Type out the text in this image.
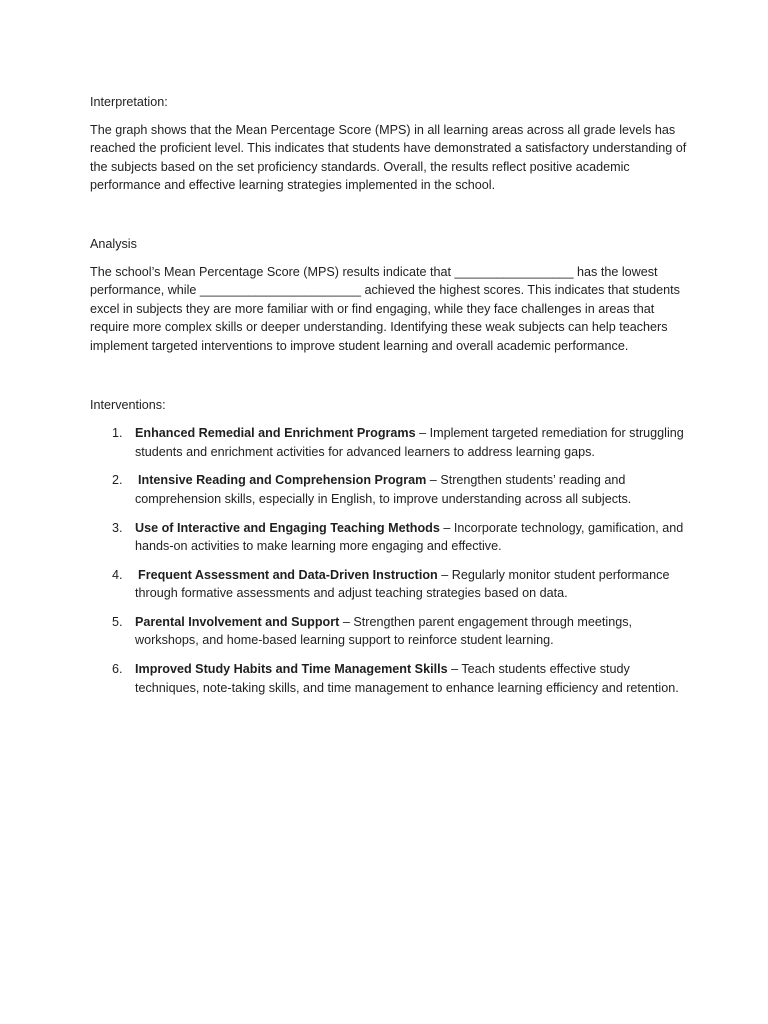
Interpretation:

The graph shows that the Mean Percentage Score (MPS) in all learning areas across all grade levels has reached the proficient level. This indicates that students have demonstrated a satisfactory understanding of the subjects based on the set proficiency standards. Overall, the results reflect positive academic performance and effective learning strategies implemented in the school.

Analysis

The school’s Mean Percentage Score (MPS) results indicate that _________________ has the lowest performance, while _______________________ achieved the highest scores. This indicates that students excel in subjects they are more familiar with or find engaging, while they face challenges in areas that require more complex skills or deeper understanding. Identifying these weak subjects can help teachers implement targeted interventions to improve student learning and overall academic performance.

Interventions:

1. Enhanced Remedial and Enrichment Programs – Implement targeted remediation for struggling students and enrichment activities for advanced learners to address learning gaps.
2. Intensive Reading and Comprehension Program – Strengthen students’ reading and comprehension skills, especially in English, to improve understanding across all subjects.
3. Use of Interactive and Engaging Teaching Methods – Incorporate technology, gamification, and hands-on activities to make learning more engaging and effective.
4. Frequent Assessment and Data-Driven Instruction – Regularly monitor student performance through formative assessments and adjust teaching strategies based on data.
5. Parental Involvement and Support – Strengthen parent engagement through meetings, workshops, and home-based learning support to reinforce student learning.
6. Improved Study Habits and Time Management Skills – Teach students effective study techniques, note-taking skills, and time management to enhance learning efficiency and retention.
